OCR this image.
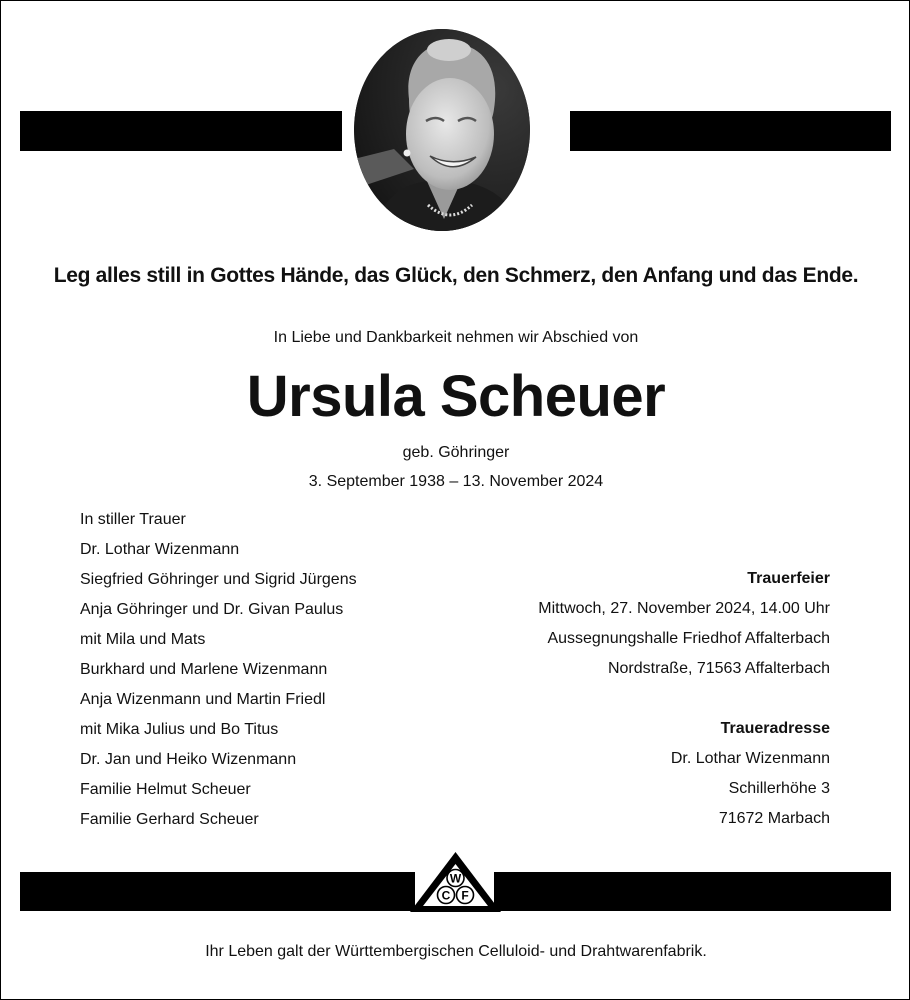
Leg alles still in Gottes Hände, das Glück, den Schmerz, den Anfang und das Ende.
In Liebe und Dankbarkeit nehmen wir Abschied von
Ursula Scheuer
geb. Göhringer
3. September 1938 – 13. November 2024
In stiller Trauer
Dr. Lothar Wizenmann
Siegfried Göhringer und Sigrid Jürgens
Anja Göhringer und Dr. Givan Paulus
mit Mila und Mats
Burkhard und Marlene Wizenmann
Anja Wizenmann und Martin Friedl
mit Mika Julius und Bo Titus
Dr. Jan und Heiko Wizenmann
Familie Helmut Scheuer
Familie Gerhard Scheuer
Trauerfeier
Mittwoch, 27. November 2024, 14.00 Uhr
Aussegnungshalle Friedhof Affalterbach
Nordstraße, 71563 Affalterbach
Traueradresse
Dr. Lothar Wizenmann
Schillerhöhe 3
71672 Marbach
W
C F
Ihr Leben galt der Württembergischen Celluloid- und Drahtwarenfabrik.
